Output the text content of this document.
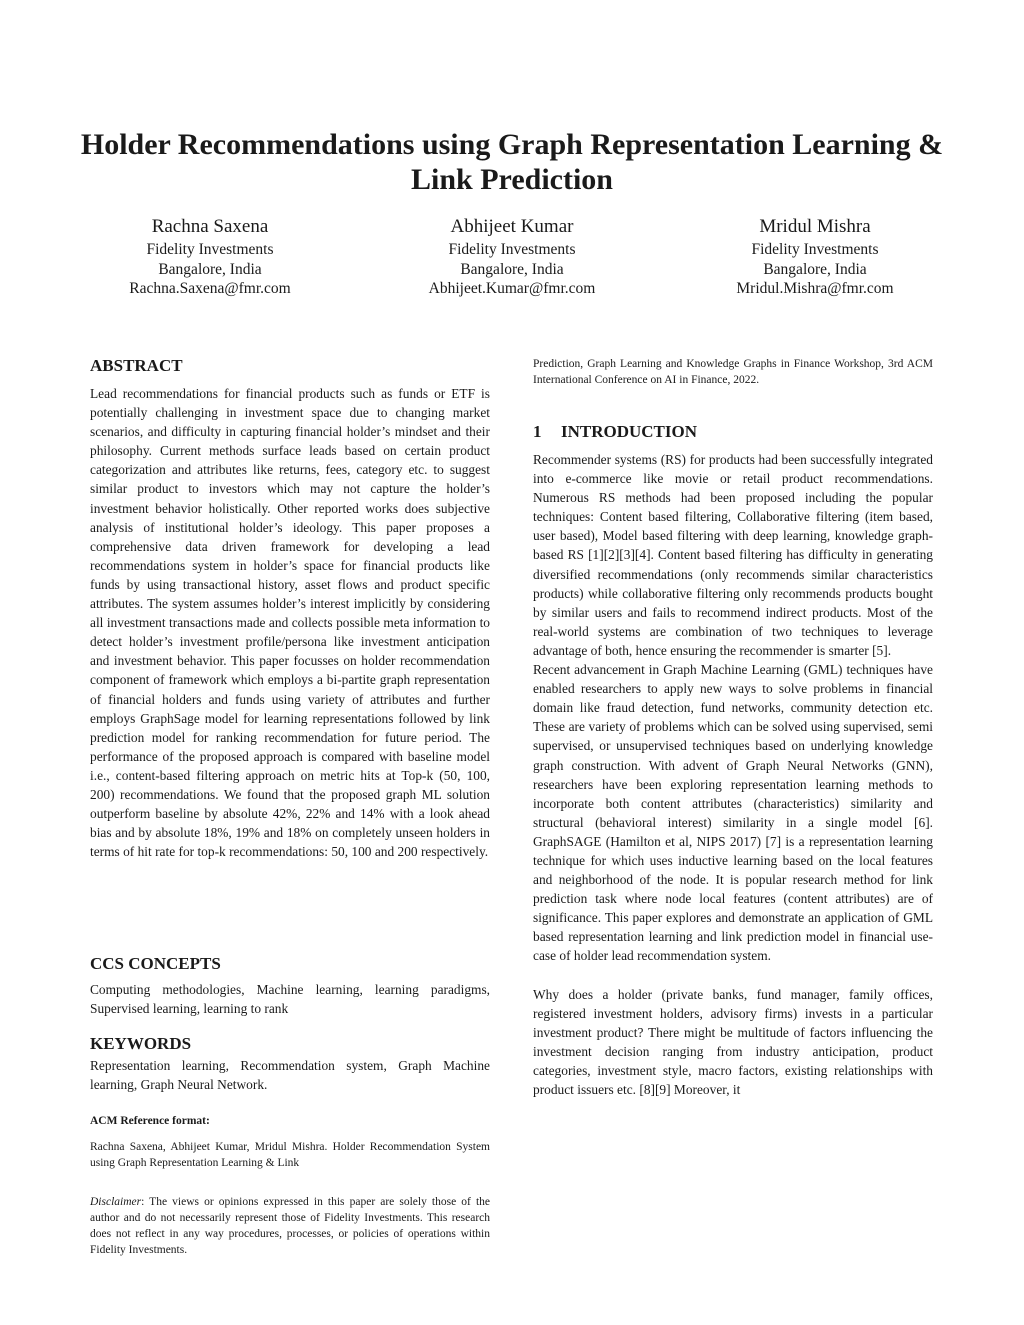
Holder Recommendations using Graph Representation Learning & Link Prediction
Rachna Saxena
Fidelity Investments
Bangalore, India
Rachna.Saxena@fmr.com
Abhijeet Kumar
Fidelity Investments
Bangalore, India
Abhijeet.Kumar@fmr.com
Mridul Mishra
Fidelity Investments
Bangalore, India
Mridul.Mishra@fmr.com
ABSTRACT

Lead recommendations for financial products such as funds or ETF is potentially challenging in investment space due to changing market scenarios, and difficulty in capturing financial holder’s mindset and their philosophy. Current methods surface leads based on certain product categorization and attributes like returns, fees, category etc. to suggest similar product to investors which may not capture the holder’s investment behavior holistically. Other reported works does subjective analysis of institutional holder’s ideology. This paper proposes a comprehensive data driven framework for developing a lead recommendations system in holder’s space for financial products like funds by using transactional history, asset flows and product specific attributes. The system assumes holder’s interest implicitly by considering all investment transactions made and collects possible meta information to detect holder’s investment profile/persona like investment anticipation and investment behavior. This paper focusses on holder recommendation component of framework which employs a bi-partite graph representation of financial holders and funds using variety of attributes and further employs GraphSage model for learning representations followed by link prediction model for ranking recommendation for future period. The performance of the proposed approach is compared with baseline model i.e., content-based filtering approach on metric hits at Top-k (50, 100, 200) recommendations. We found that the proposed graph ML solution outperform baseline by absolute 42%, 22% and 14% with a look ahead bias and by absolute 18%, 19% and 18% on completely unseen holders in terms of hit rate for top-k recommendations: 50, 100 and 200 respectively.

CCS CONCEPTS

Computing methodologies, Machine learning, learning paradigms, Supervised learning, learning to rank

KEYWORDS

Representation learning, Recommendation system, Graph Machine learning, Graph Neural Network.

ACM Reference format:

Rachna Saxena, Abhijeet Kumar, Mridul Mishra. Holder Recommendation System using Graph Representation Learning & Link

Disclaimer: The views or opinions expressed in this paper are solely those of the author and do not necessarily represent those of Fidelity Investments. This research does not reflect in any way procedures, processes, or policies of operations within Fidelity Investments.

Prediction, Graph Learning and Knowledge Graphs in Finance Workshop, 3rd ACM International Conference on AI in Finance, 2022.

1 INTRODUCTION

Recommender systems (RS) for products had been successfully integrated into e-commerce like movie or retail product recommendations. Numerous RS methods had been proposed including the popular techniques: Content based filtering, Collaborative filtering (item based, user based), Model based filtering with deep learning, knowledge graph-based RS [1][2][3][4]. Content based filtering has difficulty in generating diversified recommendations (only recommends similar characteristics products) while collaborative filtering only recommends products bought by similar users and fails to recommend indirect products. Most of the real-world systems are combination of two techniques to leverage advantage of both, hence ensuring the recommender is smarter [5].

Recent advancement in Graph Machine Learning (GML) techniques have enabled researchers to apply new ways to solve problems in financial domain like fraud detection, fund networks, community detection etc. These are variety of problems which can be solved using supervised, semi supervised, or unsupervised techniques based on underlying knowledge graph construction. With advent of Graph Neural Networks (GNN), researchers have been exploring representation learning methods to incorporate both content attributes (characteristics) similarity and structural (behavioral interest) similarity in a single model [6]. GraphSAGE (Hamilton et al, NIPS 2017) [7] is a representation learning technique for which uses inductive learning based on the local features and neighborhood of the node. It is popular research method for link prediction task where node local features (content attributes) are of significance. This paper explores and demonstrate an application of GML based representation learning and link prediction model in financial use-case of holder lead recommendation system.

Why does a holder (private banks, fund manager, family offices, registered investment holders, advisory firms) invests in a particular investment product? There might be multitude of factors influencing the investment decision ranging from industry anticipation, product categories, investment style, macro factors, existing relationships with product issuers etc. [8][9] Moreover, it
